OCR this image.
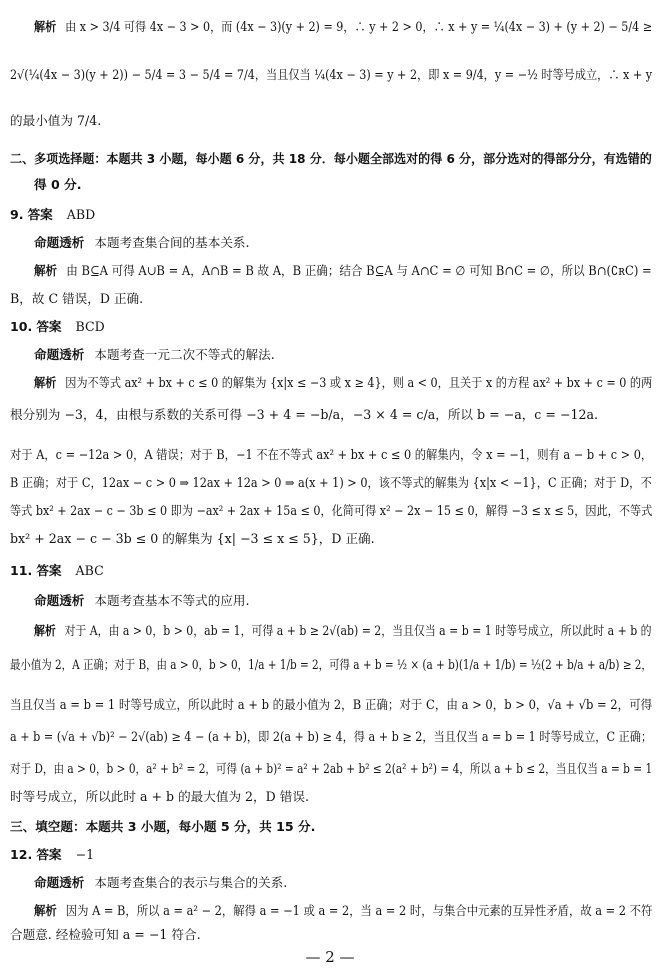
解析 由 x > 3/4 可得 4x − 3 > 0，而 (4x − 3)(y + 2) = 9，∴ y + 2 > 0，∴ x + y = ¼(4x − 3) + (y + 2) − 5/4 ≥
2√(¼(4x − 3)(y + 2)) − 5/4 = 3 − 5/4 = 7/4，当且仅当 ¼(4x − 3) = y + 2，即 x = 9/4，y = −½ 时等号成立，∴ x + y
的最小值为 7/4.
二、多项选择题：本题共 3 小题，每小题 6 分，共 18 分．每小题全部选对的得 6 分，部分选对的得部分分，有选错的
得 0 分.
9. 答案 ABD
命题透析 本题考查集合间的基本关系.
解析 由 B⊆A 可得 A∪B = A，A∩B = B 故 A，B 正确；结合 B⊆A 与 A∩C = ∅ 可知 B∩C = ∅，所以 B∩(∁ʀC) =
B，故 C 错误，D 正确.
10. 答案 BCD
命题透析 本题考查一元二次不等式的解法.
解析 因为不等式 ax² + bx + c ≤ 0 的解集为 {x|x ≤ −3 或 x ≥ 4}，则 a < 0，且关于 x 的方程 ax² + bx + c = 0 的两
根分别为 −3，4，由根与系数的关系可得 −3 + 4 = −b/a，−3 × 4 = c/a，所以 b = −a，c = −12a.
对于 A，c = −12a > 0，A 错误；对于 B，−1 不在不等式 ax² + bx + c ≤ 0 的解集内，令 x = −1，则有 a − b + c > 0，
B 正确；对于 C，12ax − c > 0 ⇒ 12ax + 12a > 0 ⇒ a(x + 1) > 0，该不等式的解集为 {x|x < −1}，C 正确；对于 D，不
等式 bx² + 2ax − c − 3b ≤ 0 即为 −ax² + 2ax + 15a ≤ 0，化简可得 x² − 2x − 15 ≤ 0，解得 −3 ≤ x ≤ 5，因此，不等式
bx² + 2ax − c − 3b ≤ 0 的解集为 {x| −3 ≤ x ≤ 5}，D 正确.
11. 答案 ABC
命题透析 本题考查基本不等式的应用.
解析 对于 A，由 a > 0，b > 0，ab = 1，可得 a + b ≥ 2√(ab) = 2，当且仅当 a = b = 1 时等号成立，所以此时 a + b 的
最小值为 2，A 正确；对于 B，由 a > 0，b > 0，1/a + 1/b = 2，可得 a + b = ½ × (a + b)(1/a + 1/b) = ½(2 + b/a + a/b) ≥ 2，
当且仅当 a = b = 1 时等号成立，所以此时 a + b 的最小值为 2，B 正确；对于 C，由 a > 0，b > 0，√a + √b = 2，可得
a + b = (√a + √b)² − 2√(ab) ≥ 4 − (a + b)，即 2(a + b) ≥ 4，得 a + b ≥ 2，当且仅当 a = b = 1 时等号成立，C 正确；
对于 D，由 a > 0，b > 0，a² + b² = 2，可得 (a + b)² = a² + 2ab + b² ≤ 2(a² + b²) = 4，所以 a + b ≤ 2，当且仅当 a = b = 1
时等号成立，所以此时 a + b 的最大值为 2，D 错误.
三、填空题：本题共 3 小题，每小题 5 分，共 15 分.
12. 答案 −1
命题透析 本题考查集合的表示与集合的关系.
解析 因为 A = B，所以 a = a² − 2，解得 a = −1 或 a = 2，当 a = 2 时，与集合中元素的互异性矛盾，故 a = 2 不符
合题意. 经检验可知 a = −1 符合.
— 2 —
